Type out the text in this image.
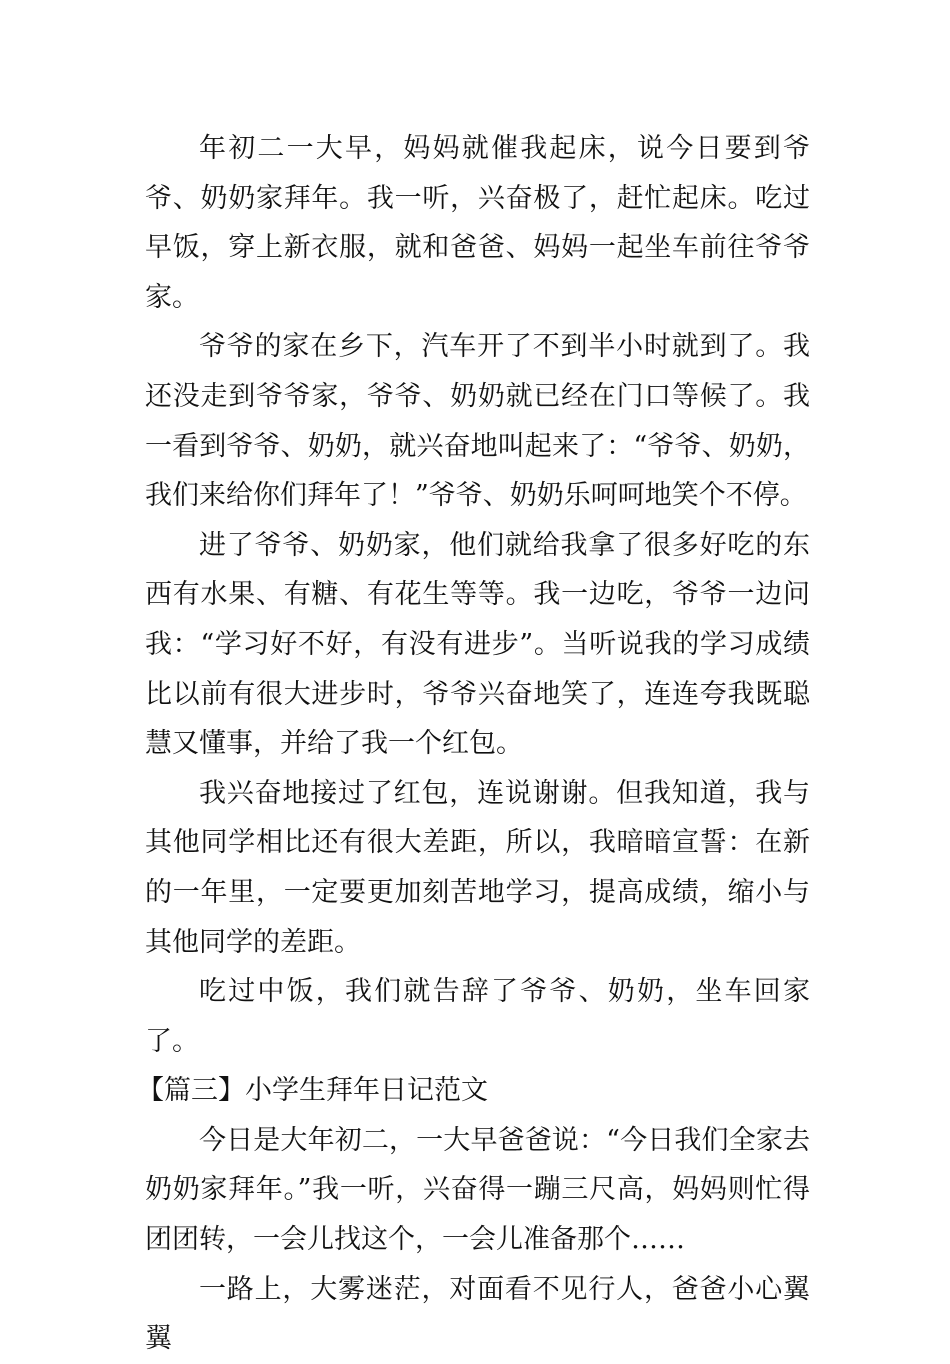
年初二一大早，妈妈就催我起床，说今日要到爷爷、奶奶家拜年。我一听，兴奋极了，赶忙起床。吃过早饭，穿上新衣服，就和爸爸、妈妈一起坐车前往爷爷家。

爷爷的家在乡下，汽车开了不到半小时就到了。我还没走到爷爷家，爷爷、奶奶就已经在门口等候了。我一看到爷爷、奶奶，就兴奋地叫起来了：“爷爷、奶奶，我们来给你们拜年了！”爷爷、奶奶乐呵呵地笑个不停。

进了爷爷、奶奶家，他们就给我拿了很多好吃的东西有水果、有糖、有花生等等。我一边吃，爷爷一边问我：“学习好不好，有没有进步”。当听说我的学习成绩比以前有很大进步时，爷爷兴奋地笑了，连连夸我既聪慧又懂事，并给了我一个红包。

我兴奋地接过了红包，连说谢谢。但我知道，我与其他同学相比还有很大差距，所以，我暗暗宣誓：在新的一年里，一定要更加刻苦地学习，提高成绩，缩小与其他同学的差距。

吃过中饭，我们就告辞了爷爷、奶奶，坐车回家了。

【篇三】小学生拜年日记范文

今日是大年初二，一大早爸爸说：“今日我们全家去奶奶家拜年。”我一听，兴奋得一蹦三尺高，妈妈则忙得团团转，一会儿找这个，一会儿准备那个……

一路上，大雾迷茫，对面看不见行人，爸爸小心翼翼
